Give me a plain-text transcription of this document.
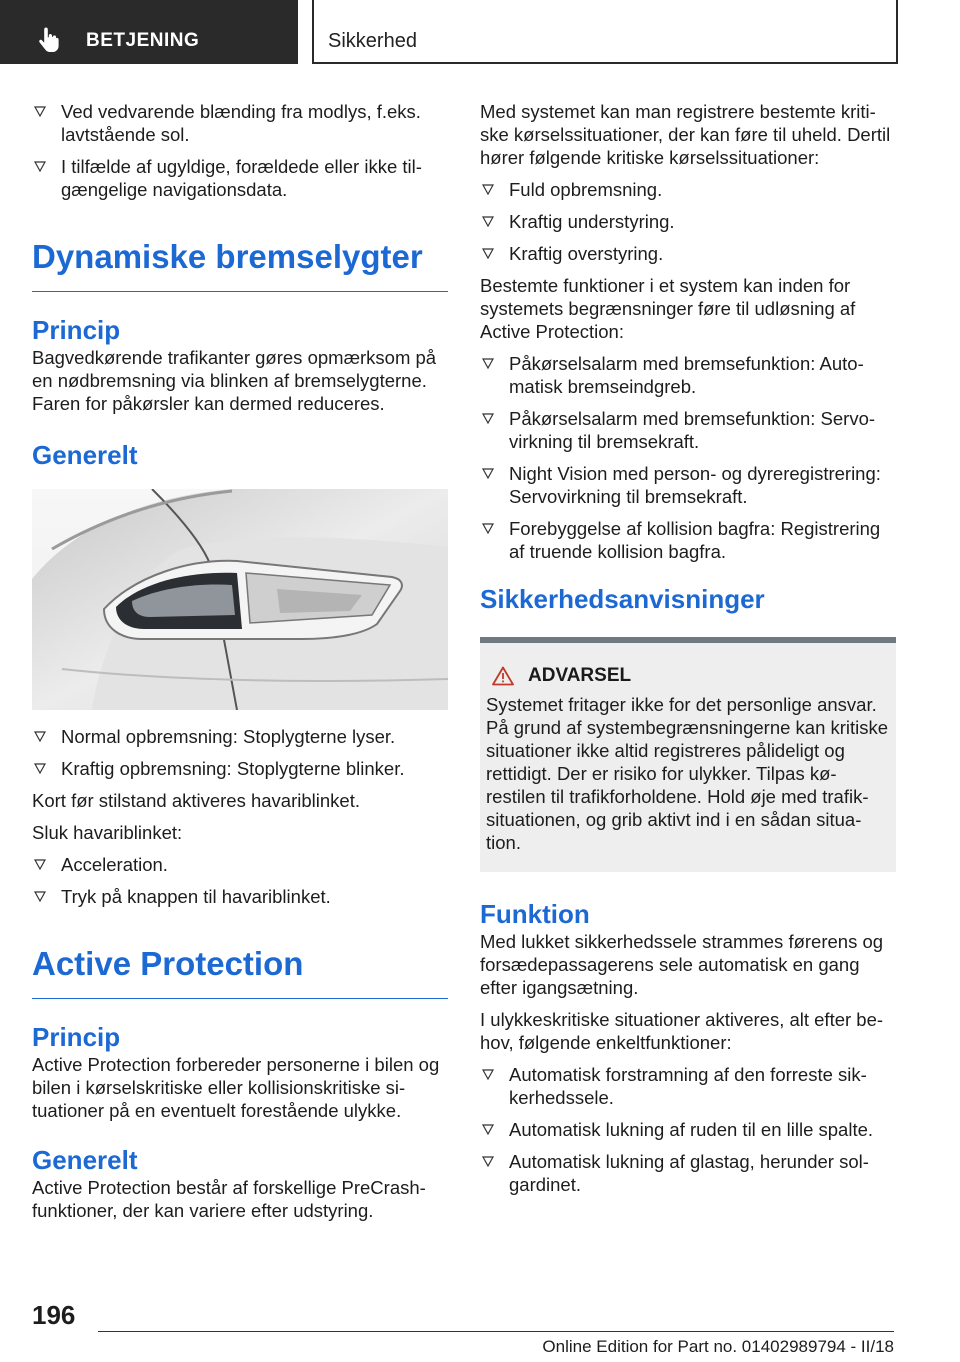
BETJENING	Sikkerhed
Ved vedvarende blænding fra modlys, f.eks. lavtstående sol.
I tilfælde af ugyldige, forældede eller ikke tilgængelige navigationsdata.
Dynamiske bremselygter
Princip

Bagvedkørende trafikanter gøres opmærksom på en nødbremsning via blinken af bremselygterne. Faren for påkørsler kan dermed reduceres.

Generelt
Normal opbremsning: Stoplygterne lyser.
Kraftig opbremsning: Stoplygterne blinker.

Kort før stilstand aktiveres havariblinket.

Sluk havariblinket:

Acceleration.
Tryk på knappen til havariblinket.
Active Protection
Princip

Active Protection forbereder personerne i bilen og bilen i kørselskritiske eller kollisionskritiske situationer på en eventuelt forestående ulykke.

Generelt

Active Protection består af forskellige PreCrash-funktioner, der kan variere efter udstyring.

Med systemet kan man registrere bestemte kritiske kørselssituationer, der kan føre til uheld. Dertil hører følgende kritiske kørselssituationer:

Fuld opbremsning.
Kraftig understyring.
Kraftig overstyring.

Bestemte funktioner i et system kan inden for systemets begrænsninger føre til udløsning af Active Protection:

Påkørselsalarm med bremsefunktion: Automatisk bremseindgreb.
Påkørselsalarm med bremsefunktion: Servovirkning til bremsekraft.
Night Vision med person- og dyreregistrering: Servovirkning til bremsekraft.
Forebyggelse af kollision bagfra: Registrering af truende kollision bagfra.
Sikkerhedsanvisninger
ADVARSEL

Systemet fritager ikke for det personlige ansvar. På grund af systembegrænsningerne kan kritiske situationer ikke altid registreres pålideligt og rettidigt. Der er risiko for ulykker. Tilpas kørestilen til trafikforholdene. Hold øje med trafiksituationen, og grib aktivt ind i en sådan situation.

Funktion

Med lukket sikkerhedssele strammes førerens og forsædepassagerens sele automatisk en gang efter igangsætning.

I ulykkeskritiske situationer aktiveres, alt efter behov, følgende enkeltfunktioner:

Automatisk forstramning af den forreste sikkerhedssele.
Automatisk lukning af ruden til en lille spalte.
Automatisk lukning af glastag, herunder solgardinet.
196
Online Edition for Part no. 01402989794 - II/18
